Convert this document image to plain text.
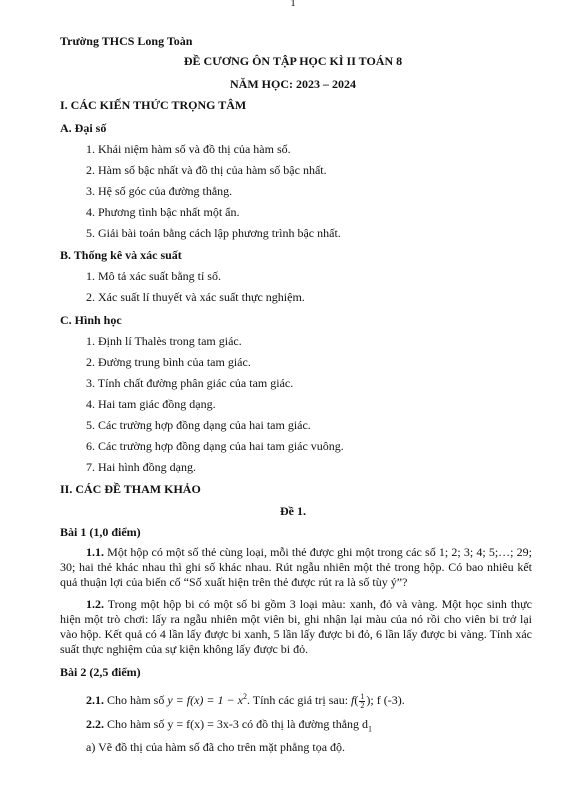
1
Trường THCS Long Toàn
ĐỀ CƯƠNG ÔN TẬP HỌC KÌ II TOÁN 8
NĂM HỌC: 2023 – 2024
I. CÁC KIẾN THỨC TRỌNG TÂM
A. Đại số
1. Khái niệm hàm số và đồ thị của hàm số.
2. Hàm số bậc nhất và đồ thị của hàm số bậc nhất.
3. Hệ số góc của đường thẳng.
4. Phương tình bậc nhất một ẩn.
5. Giải bài toán bằng cách lập phương trình bậc nhất.
B. Thống kê và xác suất
1. Mô tả xác suất bằng tỉ số.
2. Xác suất lí thuyết và xác suất thực nghiệm.
C. Hình học
1. Định lí Thalès trong tam giác.
2. Đường trung bình của tam giác.
3. Tính chất đường phân giác của tam giác.
4. Hai tam giác đồng dạng.
5. Các trường hợp đồng dạng của hai tam giác.
6. Các trường hợp đồng dạng của hai tam giác vuông.
7. Hai hình đồng dạng.
II. CÁC ĐỀ THAM KHẢO
Đề 1.
Bài 1 (1,0 điểm)
1.1. Một hộp có một số thẻ cùng loại, mỗi thẻ được ghi một trong các số 1; 2; 3; 4; 5;…; 29; 30; hai thẻ khác nhau thì ghi số khác nhau. Rút ngẫu nhiên một thẻ trong hộp. Có bao nhiêu kết quả thuận lợi của biến cố “Số xuất hiện trên thẻ được rút ra là số tùy ý”?
1.2. Trong một hộp bi có một số bi gồm 3 loại màu: xanh, đỏ và vàng. Một học sinh thực hiện một trò chơi: lấy ra ngẫu nhiên một viên bi, ghi nhận lại màu của nó rồi cho viên bi trở lại vào hộp. Kết quả có 4 lần lấy được bi xanh, 5 lần lấy được bi đỏ, 6 lần lấy được bi vàng. Tính xác suất thực nghiệm của sự kiện không lấy được bi đỏ.
Bài 2 (2,5 điểm)
2.1. Cho hàm số $y = f(x) = 1 - x^2$. Tính các giá trị sau: $f( \frac{1}{2}$ ); f (-3).
2.2. Cho hàm số y = f(x) = 3x-3 có đồ thị là đường thẳng $d_1$
a) Vẽ đồ thị của hàm số đã cho trên mặt phẳng tọa độ.
